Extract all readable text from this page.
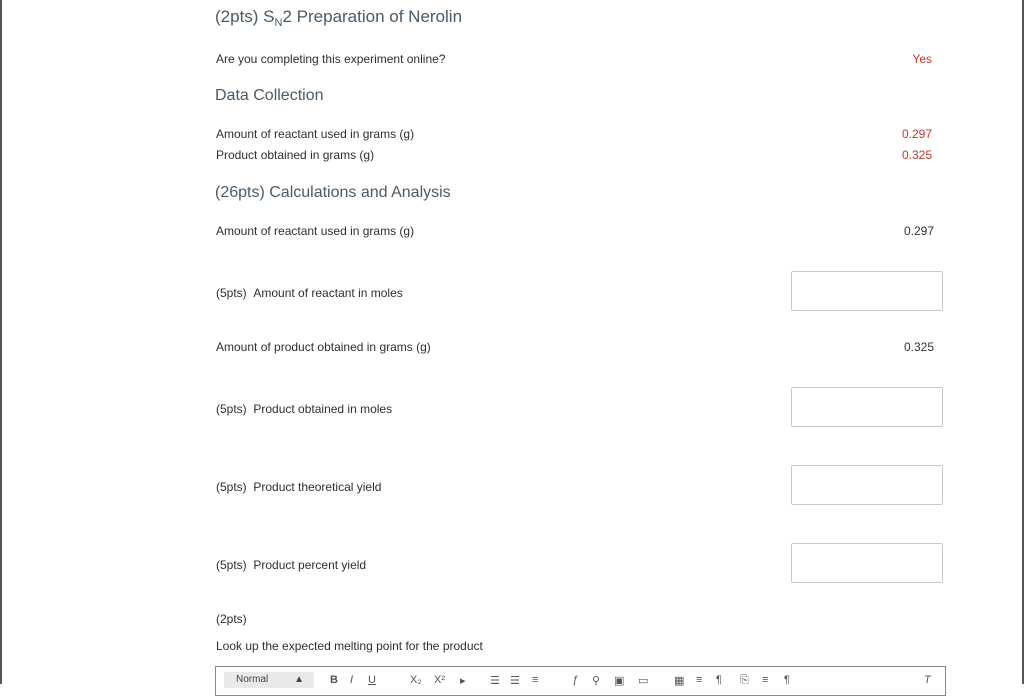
(2pts) $S_N2$ Preparation of Nerolin
Are you completing this experiment online?	Yes
Data Collection
Amount of reactant used in grams (g)	0.297
Product obtained in grams (g)	0.325
(26pts) Calculations and Analysis
Amount of reactant used in grams (g)	0.297
(5pts) Amount of reactant in moles
Amount of product obtained in grams (g)	0.325
(5pts) Product obtained in moles
(5pts) Product theoretical yield
(5pts) Product percent yield
(2pts)
Look up the expected melting point for the product
Normal	▲ B I U	X₂ X² ▸ ☰ ☰ ≡	ƒ ⚲ ▣ ▭ ▦ ≡ ¶ ⎘ ≡ ¶	T
